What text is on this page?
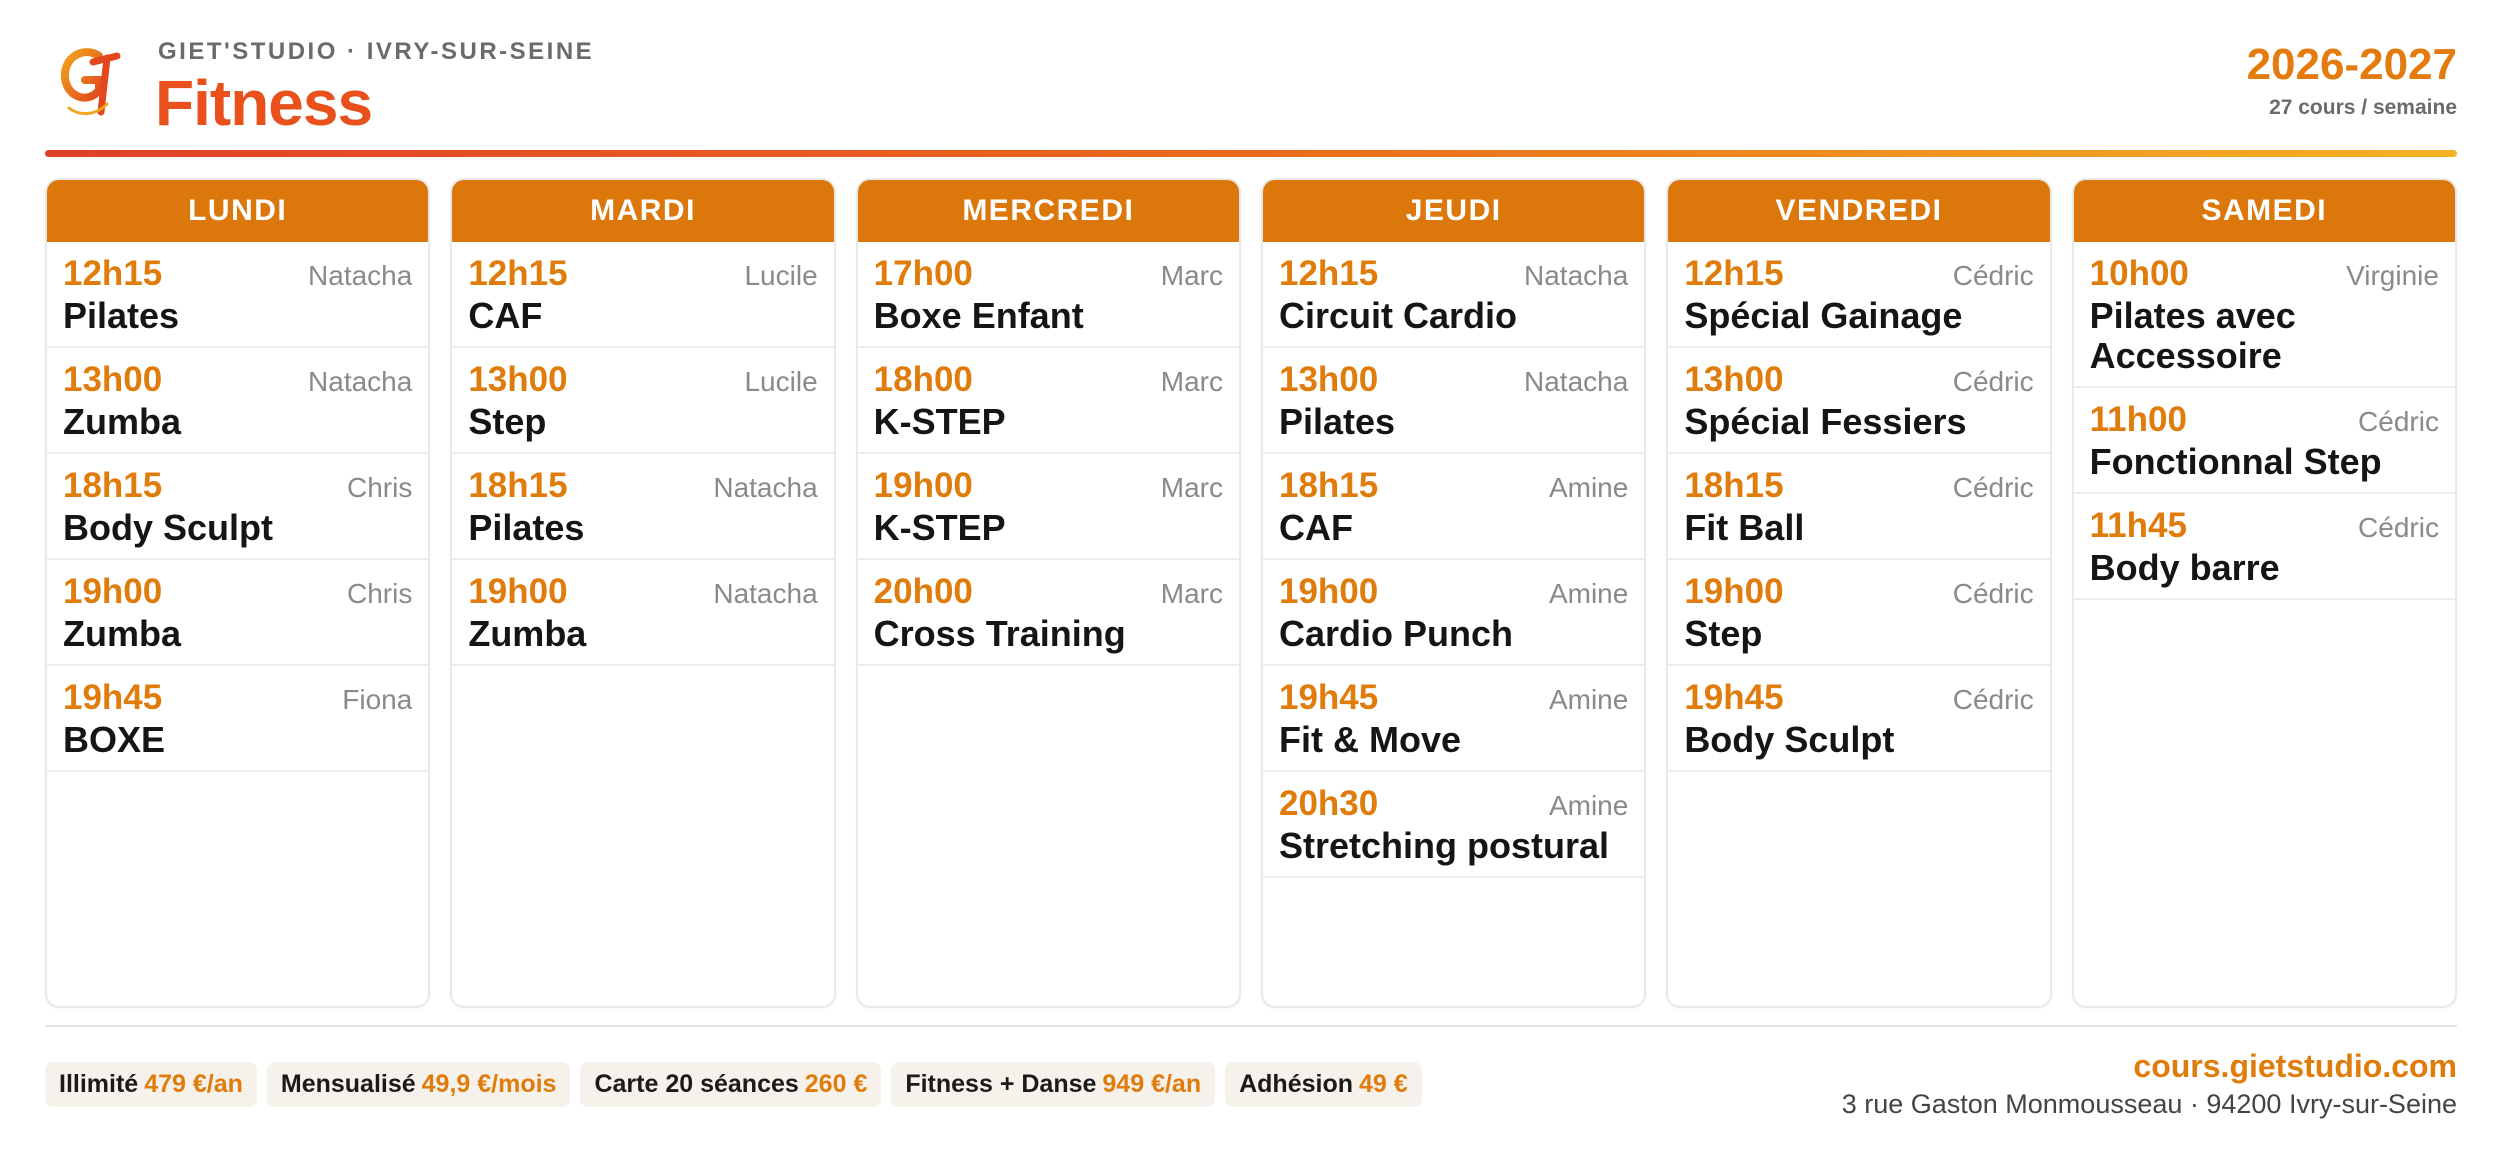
GIET'STUDIO · IVRY-SUR-SEINE
Fitness
2026-2027
27 cours / semaine
LUNDI
12h15	Natacha
Pilates
13h00	Natacha
Zumba
18h15	Chris
Body Sculpt
19h00	Chris
Zumba
19h45	Fiona
BOXE
MARDI
12h15	Lucile
CAF
13h00	Lucile
Step
18h15	Natacha
Pilates
19h00	Natacha
Zumba
MERCREDI
17h00	Marc
Boxe Enfant
18h00	Marc
K-STEP
19h00	Marc
K-STEP
20h00	Marc
Cross Training
JEUDI
12h15	Natacha
Circuit Cardio
13h00	Natacha
Pilates
18h15	Amine
CAF
19h00	Amine
Cardio Punch
19h45	Amine
Fit & Move
20h30	Amine
Stretching postural
VENDREDI
12h15	Cédric
Spécial Gainage
13h00	Cédric
Spécial Fessiers
18h15	Cédric
Fit Ball
19h00	Cédric
Step
19h45	Cédric
Body Sculpt
SAMEDI
10h00	Virginie
Pilates avec Accessoire
11h00	Cédric
Fonctionnal Step
11h45	Cédric
Body barre
Illimité 479 €/an	Mensualisé 49,9 €/mois	Carte 20 séances 260 €	Fitness + Danse 949 €/an	Adhésion 49 €	cours.gietstudio.com
3 rue Gaston Monmousseau · 94200 Ivry-sur-Seine
